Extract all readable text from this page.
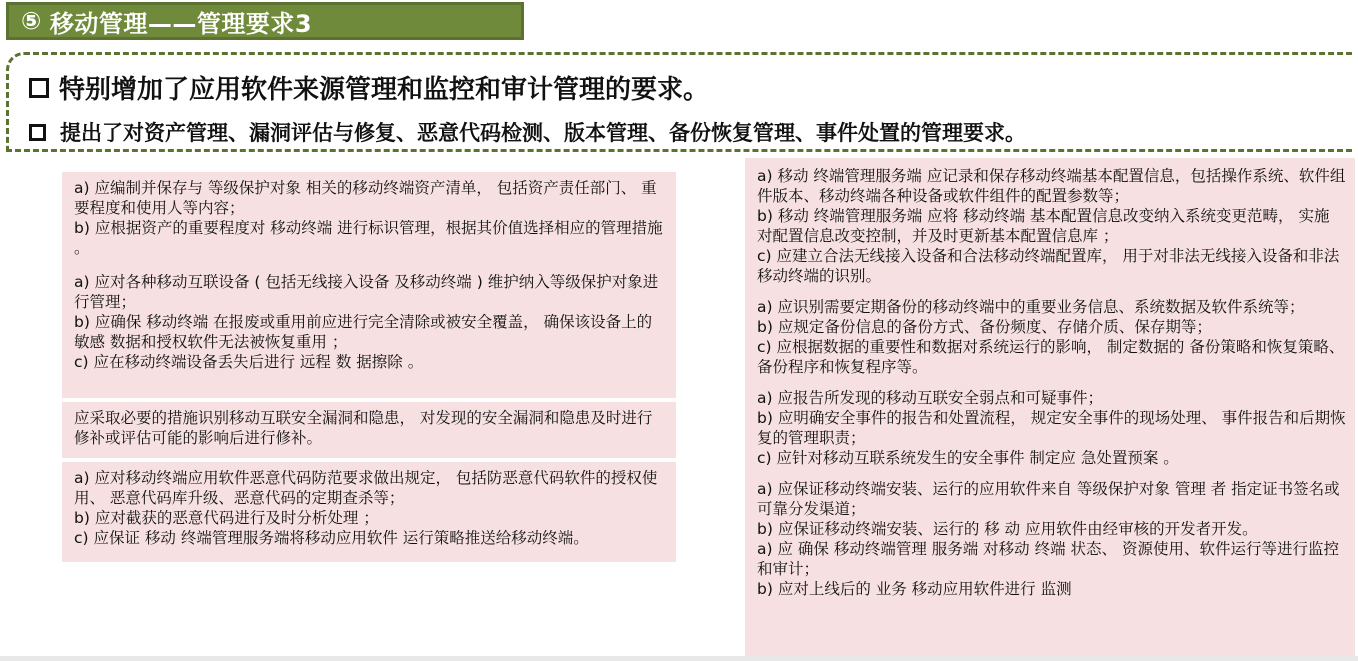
⑤ 移动管理——管理要求3
特别增加了应用软件来源管理和监控和审计管理的要求。
提出了对资产管理、漏洞评估与修复、恶意代码检测、版本管理、备份恢复管理、事件处置的管理要求。

a) 应编制并保存与 等级保护对象 相关的移动终端资产清单， 包括资产责任部门、 重要程度和使用人等内容；

b) 应根据资产的重要程度对 移动终端 进行标识管理，根据其价值选择相应的管理措施 。

a) 应对各种移动互联设备 ( 包括无线接入设备 及移动终端 ) 维护纳入等级保护对象进行管理；

b) 应确保 移动终端 在报废或重用前应进行完全清除或被安全覆盖， 确保该设备上的敏感 数据和授权软件无法被恢复重用 ；

c) 应在移动终端设备丢失后进行 远程 数 据擦除 。

应采取必要的措施识别移动互联安全漏洞和隐患， 对发现的安全漏洞和隐患及时进行修补或评估可能的影响后进行修补。

a) 应对移动终端应用软件恶意代码防范要求做出规定， 包括防恶意代码软件的授权使用、 恶意代码库升级、恶意代码的定期查杀等；

b) 应对截获的恶意代码进行及时分析处理 ；

c) 应保证 移动 终端管理服务端将移动应用软件 运行策略推送给移动终端。

a) 移动 终端管理服务端 应记录和保存移动终端基本配置信息，包括操作系统、软件组件版本、移动终端各种设备或软件组件的配置参数等；

b) 移动 终端管理服务端 应将 移动终端 基本配置信息改变纳入系统变更范畴， 实施 对配置信息改变控制，并及时更新基本配置信息库 ；

c) 应建立合法无线接入设备和合法移动终端配置库， 用于对非法无线接入设备和非法移动终端的识别。

a) 应识别需要定期备份的移动终端中的重要业务信息、系统数据及软件系统等；

b) 应规定备份信息的备份方式、备份频度、存储介质、保存期等；

c) 应根据数据的重要性和数据对系统运行的影响， 制定数据的 备份策略和恢复策略、 备份程序和恢复程序等。

a) 应报告所发现的移动互联安全弱点和可疑事件；

b) 应明确安全事件的报告和处置流程， 规定安全事件的现场处理、 事件报告和后期恢复的管理职责；

c) 应针对移动互联系统发生的安全事件 制定应 急处置预案 。

a) 应保证移动终端安装、运行的应用软件来自 等级保护对象 管理 者 指定证书签名或可靠分发渠道；

b) 应保证移动终端安装、运行的 移 动 应用软件由经审核的开发者开发。

a) 应 确保 移动终端管理 服务端 对移动 终端 状态、 资源使用、软件运行等进行监控和审计；

b) 应对上线后的 业务 移动应用软件进行 监测
